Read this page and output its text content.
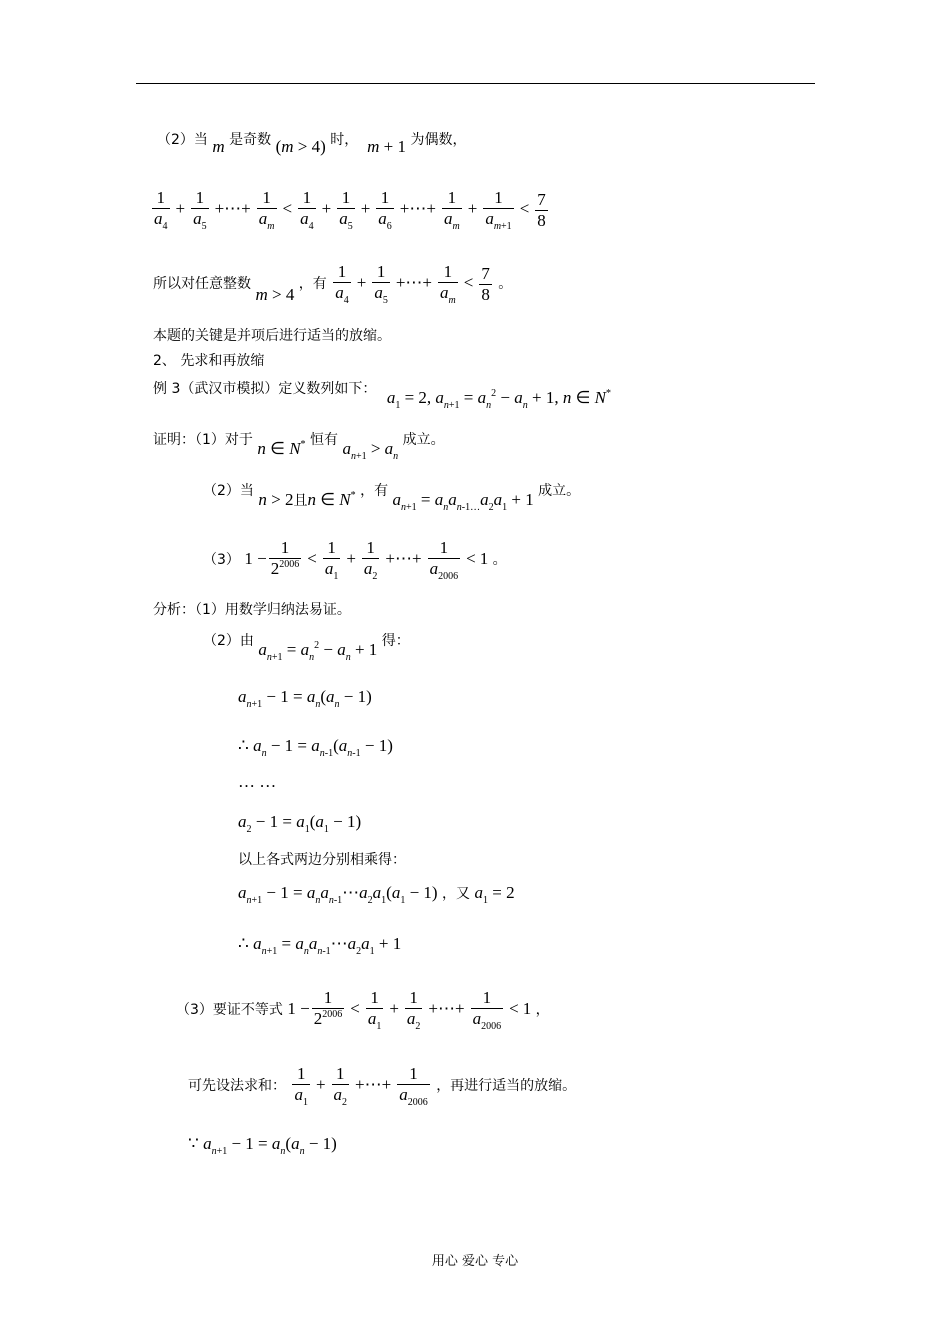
（2）当 m 是奇数 (m > 4) 时， m + 1 为偶数，
$\frac{1}{a_4} + \frac{1}{a_5}$ +⋯+ $\frac{1}{a_m} < \frac{1}{a_4} + \frac{1}{a_5} + \frac{1}{a_6}$ +⋯+ $\frac{1}{a_m} + \frac{1}{a_{m+1}} < \frac{7}{8}$
所以对任意整数 m > 4 ，有 $\frac{1}{a_4} + \frac{1}{a_5}$ +⋯+ $\frac{1}{a_m} < \frac{7}{8}$ 。
本题的关键是并项后进行适当的放缩。
2、 先求和再放缩
例 3（武汉市模拟）定义数列如下： $a_1 = 2$, $a_{n+1} = a_n^2 - a_n + 1$, n ∈ N*
证明：（1）对于 n ∈ N* 恒有 $a_{n+1} > a_n$ 成立。
（2）当 n > 2且n ∈ N* ，有 $a_{n+1} = a_na_{n-1\dots}a_2a_1 + 1$ 成立。
（3） $1 - \frac{1}{2^{2006}} < \frac{1}{a_1} + \frac{1}{a_2}$ +⋯+ $\frac{1}{a_{2006}} < 1$ 。
分析：（1）用数学归纳法易证。
（2）由 $a_{n+1} = a_n^2 - a_n + 1$ 得：
$a_{n+1} - 1 = a_n(a_n - 1)$
∴ $a_n - 1 = a_{n-1}(a_{n-1} - 1)$
… …
$a_2 - 1 = a_1(a_1 - 1)$
以上各式两边分别相乘得：
$a_{n+1} - 1$ = $a_na_{n-1}\cdots a_2a_1(a_1 - 1)$ ，又 $a_1 = 2$
∴ $a_{n+1}$ = $a_na_{n-1}\cdots a_2a_1 + 1$
（3）要证不等式 $1 - \frac{1}{2^{2006}} < \frac{1}{a_1} + \frac{1}{a_2}$ +⋯+ $\frac{1}{a_{2006}} < 1$ ，
可先设法求和： $\frac{1}{a_1} + \frac{1}{a_2}$ +⋯+ $\frac{1}{a_{2006}}$ ，再进行适当的放缩。
∵ $a_{n+1} - 1 = a_n(a_n - 1)$
用心 爱心 专心
